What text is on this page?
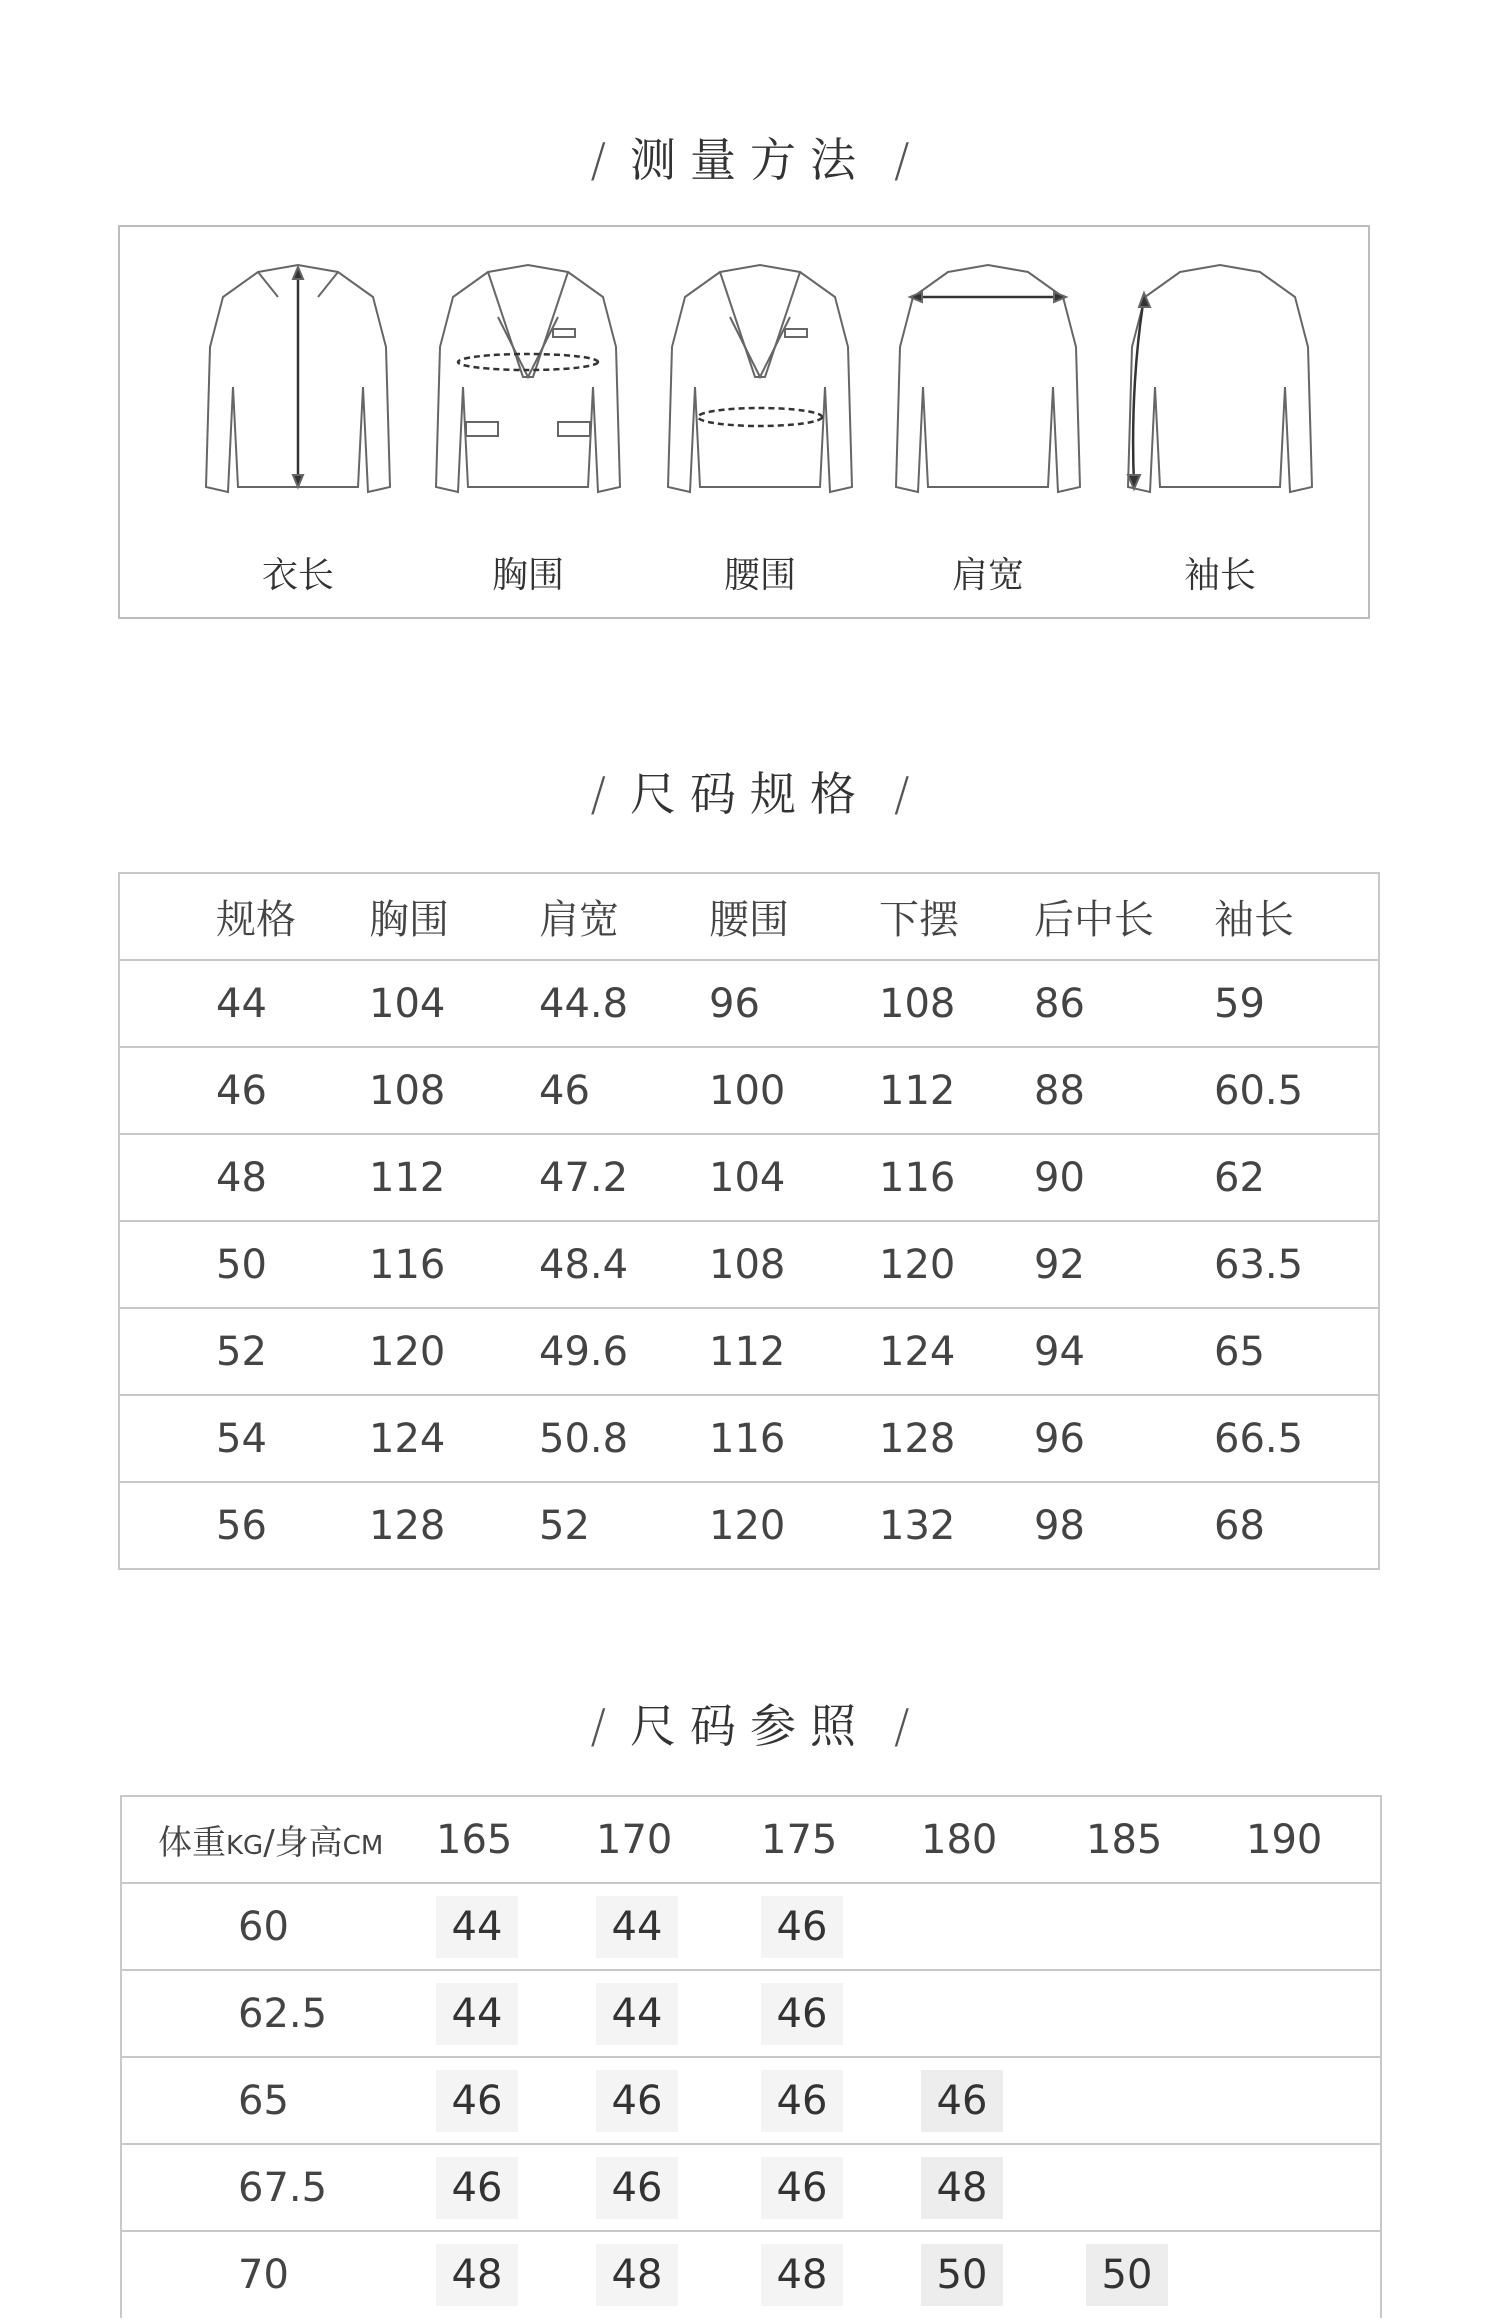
/ 测量方法 /
衣长	胸围	腰围	肩宽	袖长
/ 尺码规格 /
规格	胸围	肩宽	腰围	下摆	后中长	袖长
44	104	44.8	96	108	86	59
46	108	46	100	112	88	60.5
48	112	47.2	104	116	90	62
50	116	48.4	108	120	92	63.5
52	120	49.6	112	124	94	65
54	124	50.8	116	128	96	66.5
56	128	52	120	132	98	68
/ 尺码参照 /
体重KG/身高CM	165	170	175	180	185	190
60	44	44	46			
62.5	44	44	46			
65	46	46	46	46		
67.5	46	46	46	48		
70	48	48	48	50	50	
